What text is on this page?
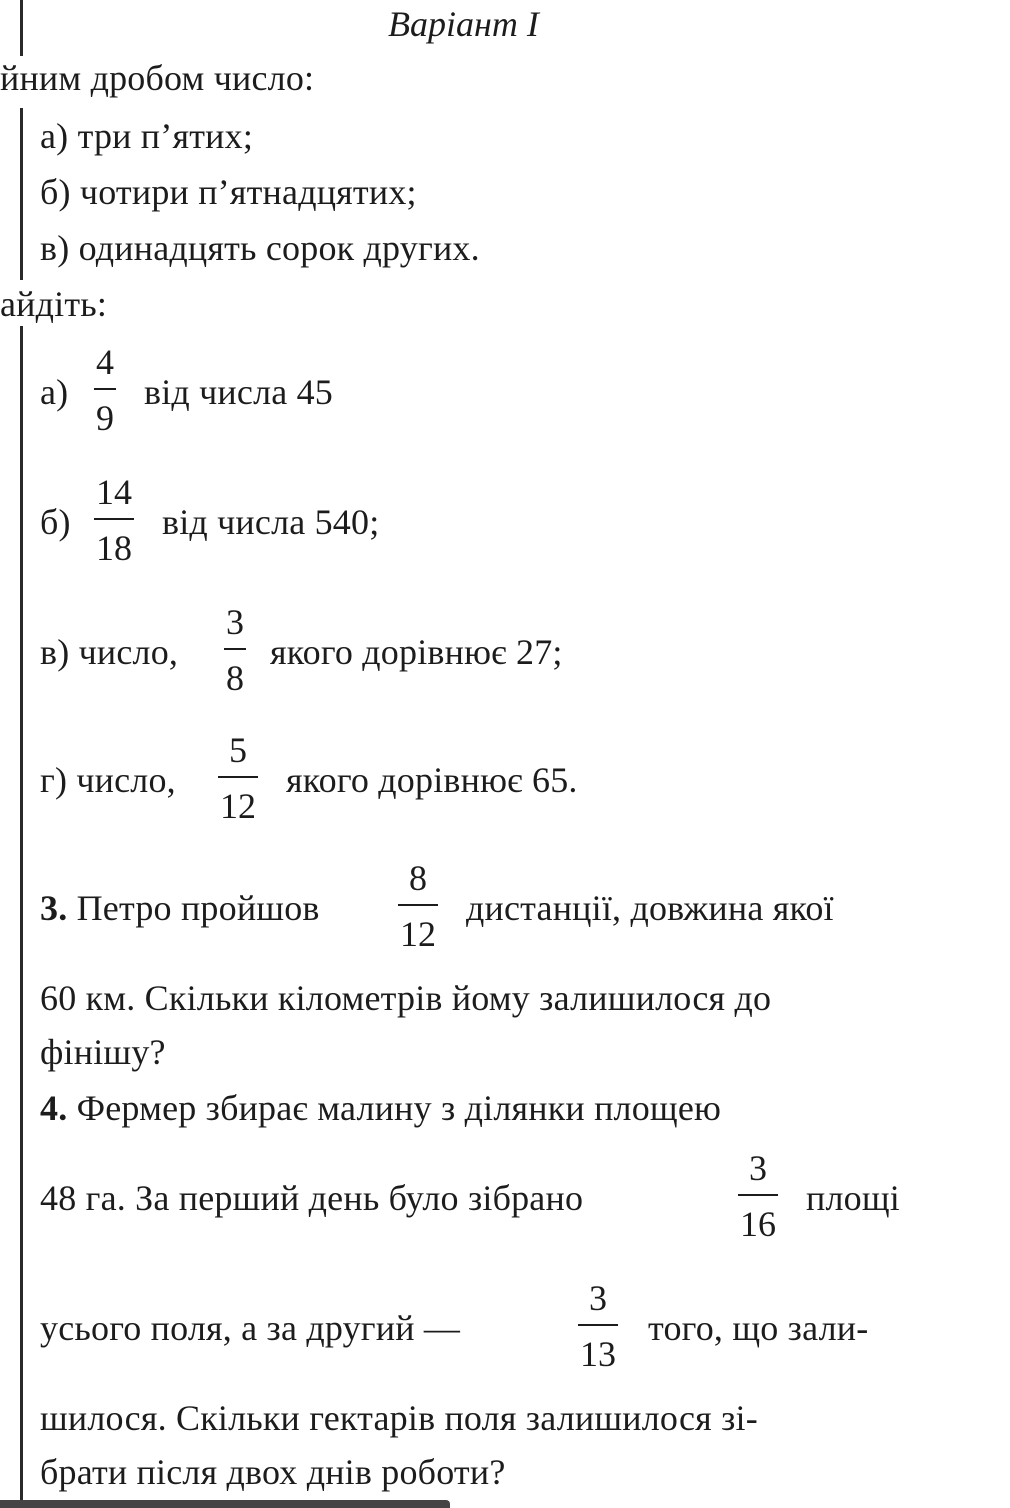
Варіант I
йним дробом число:
а) три п’ятих;
б) чотири п’ятнадцятих;
в) одинадцять сорок других.
айдіть:
а)
4
9
від числа 45
б)
14
18
від числа 540;
в) число,
3
8
якого дорівнює 27;
г) число,
5
12
якого дорівнює 65.
3. Петро пройшов
8
12
дистанції, довжина якої
60 км. Скільки кілометрів йому залишилося до
фінішу?
4. Фермер збирає малину з ділянки площею
48 га. За перший день було зібрано
3
16
площі
усього поля, а за другий —
3
13
того, що зали-
шилося. Скільки гектарів поля залишилося зі-
брати після двох днів роботи?
